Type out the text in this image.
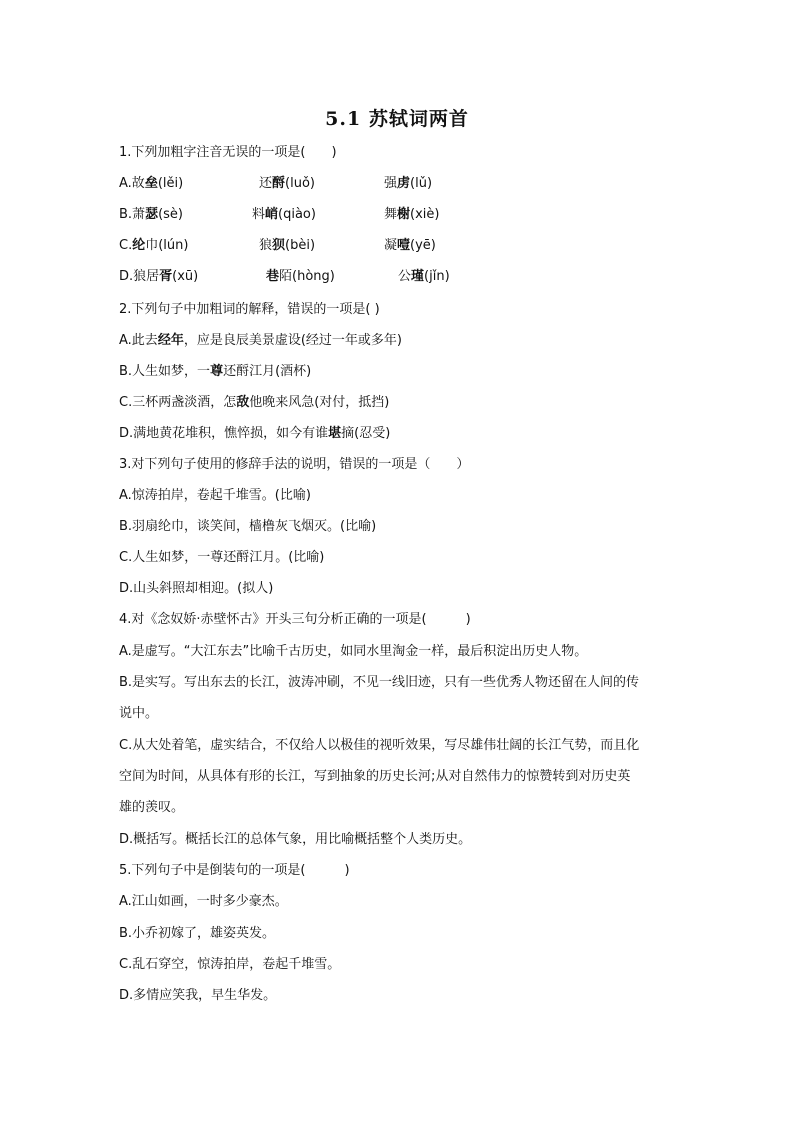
5.1 苏轼词两首
1.下列加粗字注音无误的一项是(　　)
A.故垒(lěi)	还酹(luǒ)	强虏(lǔ)
B.萧瑟(sè)	料峭(qiào)	舞榭(xiè)
C.纶巾(lún)	狼狈(bèi)	凝噎(yē)
D.狼居胥(xū)	巷陌(hòng)	公瑾(jǐn)
2.下列句子中加粗词的解释，错误的一项是( )
A.此去经年，应是良辰美景虚设(经过一年或多年)
B.人生如梦，一尊还酹江月(酒杯)
C.三杯两盏淡酒，怎敌他晚来风急(对付，抵挡)
D.满地黄花堆积，憔悴损，如今有谁堪摘(忍受)
3.对下列句子使用的修辞手法的说明，错误的一项是（　　）
A.惊涛拍岸，卷起千堆雪。(比喻)
B.羽扇纶巾，谈笑间，樯橹灰飞烟灭。(比喻)
C.人生如梦，一尊还酹江月。(比喻)
D.山头斜照却相迎。(拟人)
4.对《念奴娇·赤壁怀古》开头三句分析正确的一项是(　　　)
A.是虚写。“大江东去”比喻千古历史，如同水里淘金一样，最后积淀出历史人物。
B.是实写。写出东去的长江，波涛冲刷，不见一线旧迹，只有一些优秀人物还留在人间的传
说中。
C.从大处着笔，虚实结合，不仅给人以极佳的视听效果，写尽雄伟壮阔的长江气势，而且化
空间为时间，从具体有形的长江，写到抽象的历史长河;从对自然伟力的惊赞转到对历史英
雄的羡叹。
D.概括写。概括长江的总体气象，用比喻概括整个人类历史。
5.下列句子中是倒装句的一项是(　　　)
A.江山如画，一时多少豪杰。
B.小乔初嫁了，雄姿英发。
C.乱石穿空，惊涛拍岸，卷起千堆雪。
D.多情应笑我，早生华发。
